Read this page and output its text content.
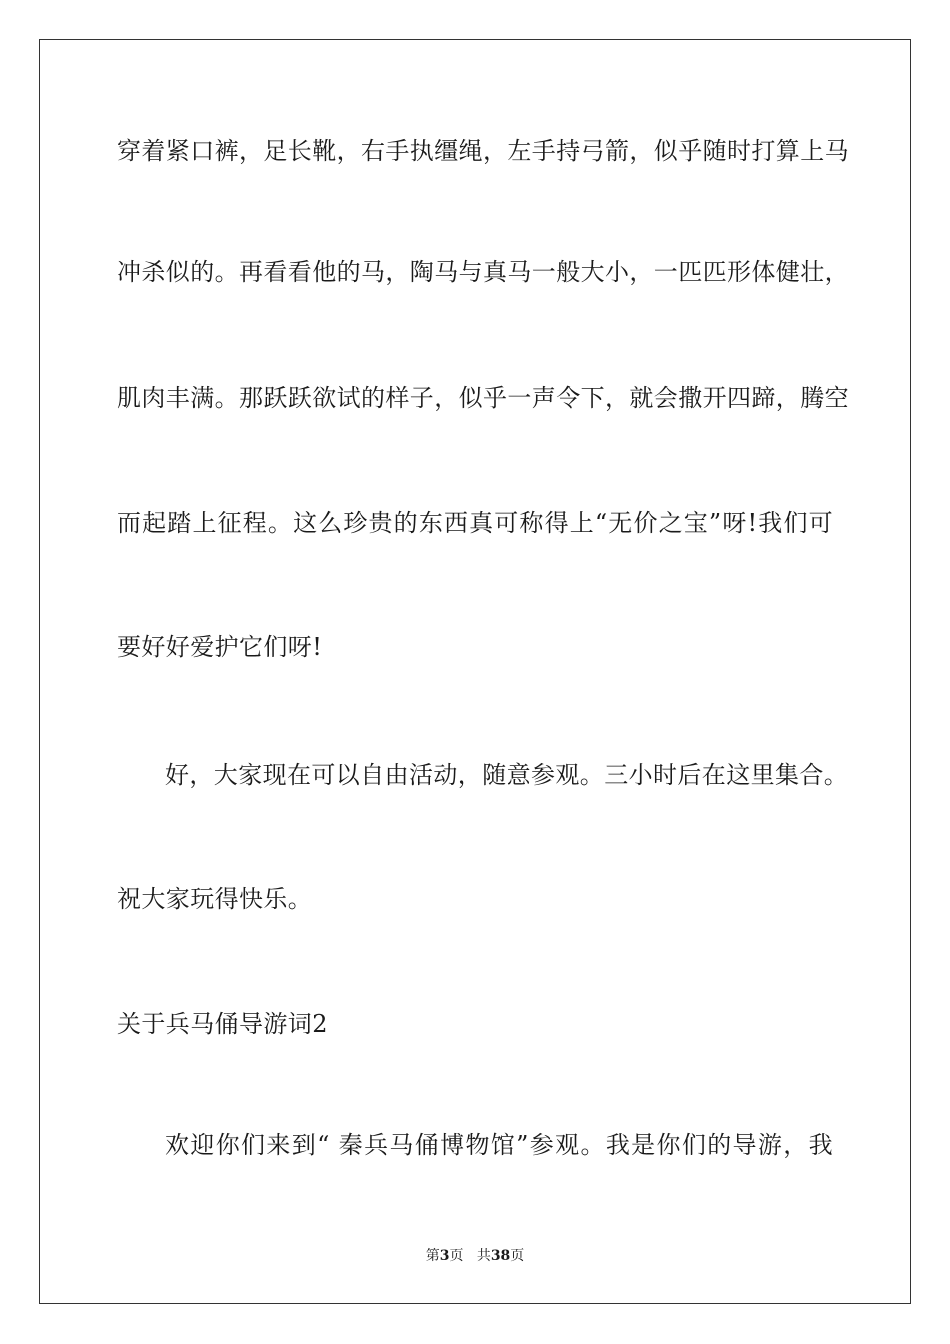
穿着紧口裤，足长靴，右手执缰绳，左手持弓箭，似乎随时打算上马
冲杀似的。再看看他的马，陶马与真马一般大小，一匹匹形体健壮，
肌肉丰满。那跃跃欲试的样子，似乎一声令下，就会撒开四蹄，腾空
而起踏上征程。这么珍贵的东西真可称得上“无价之宝”呀!我们可
要好好爱护它们呀!
好，大家现在可以自由活动，随意参观。三小时后在这里集合。
祝大家玩得快乐。
关于兵马俑导游词2
欢迎你们来到“ 秦兵马俑博物馆”参观。我是你们的导游，我
第3页 共38页
